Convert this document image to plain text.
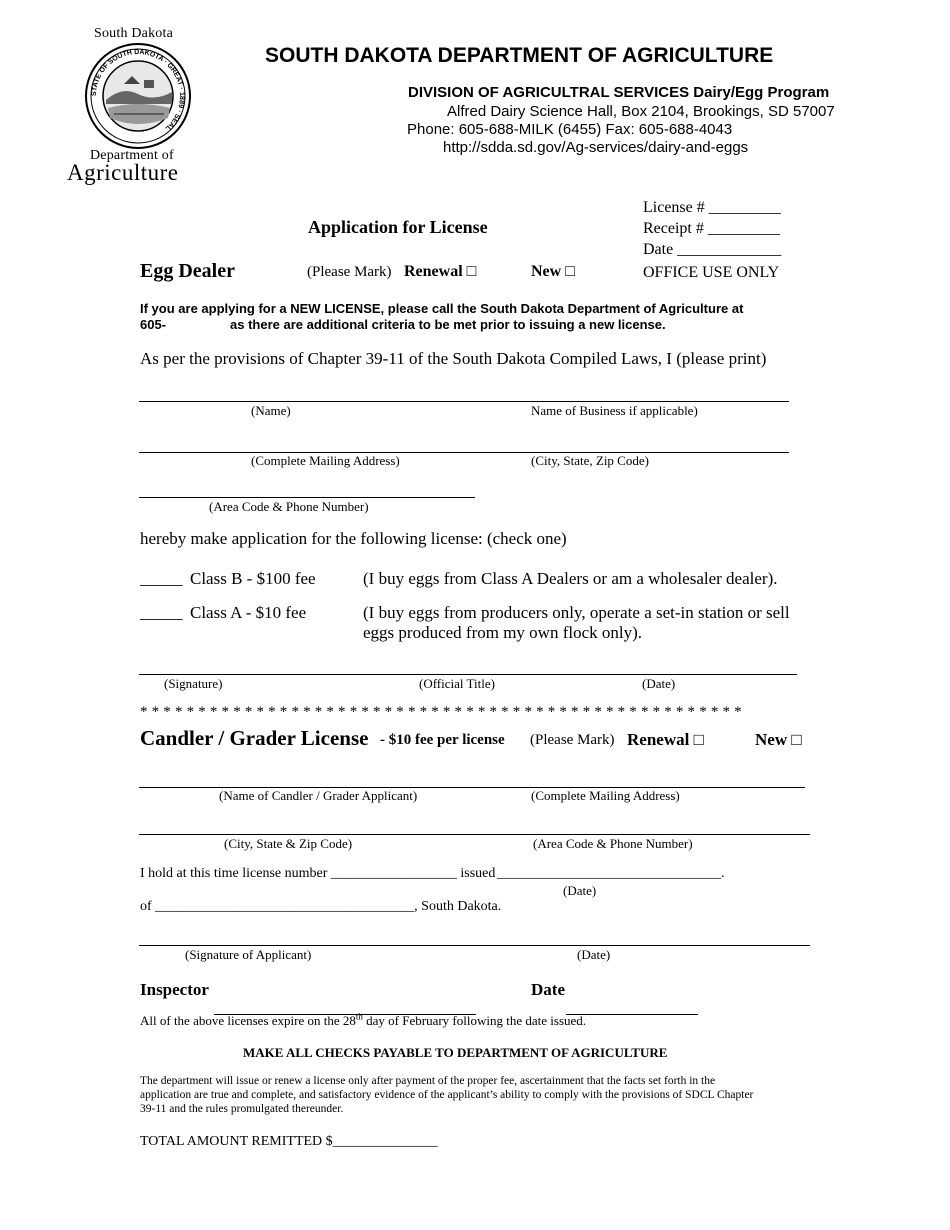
South Dakota
STATE OF SOUTH DAKOTA · GREAT · 1889 · SEAL
Department of
Agriculture
SOUTH DAKOTA DEPARTMENT OF AGRICULTURE
DIVISION OF AGRICULTRAL SERVICES Dairy/Egg Program
Alfred Dairy Science Hall, Box 2104, Brookings, SD 57007
Phone: 605-688-MILK (6455) Fax: 605-688-4043
http://sdda.sd.gov/Ag-services/dairy-and-eggs
License # _________
Receipt # _________
Date _____________
OFFICE USE ONLY
Application for License
Egg Dealer	(Please Mark) Renewal □	New □
If you are applying for a NEW LICENSE, please call the South Dakota Department of Agriculture at
605-	as there are additional criteria to be met prior to issuing a new license.
As per the provisions of Chapter 39-11 of the South Dakota Compiled Laws, I (please print)
(Name)	Name of Business if applicable)
(Complete Mailing Address)	(City, State, Zip Code)
(Area Code & Phone Number)
hereby make application for the following license: (check one)
_____ Class B - $100 fee	(I buy eggs from Class A Dealers or am a wholesaler dealer).
_____ Class A - $10 fee	(I buy eggs from producers only, operate a set-in station or sell
eggs produced from my own flock only).
(Signature)	(Official Title)	(Date)
* * * * * * * * * * * * * * * * * * * * * * * * * * * * * * * * * * * * * * * * * * * * * * * * * * * *
Candler / Grader License - $10 fee per license (Please Mark) Renewal □	New □
(Name of Candler / Grader Applicant)	(Complete Mailing Address)
(City, State & Zip Code)	(Area Code & Phone Number)
I hold at this time license number __________________ issued ________________________________.
(Date)
of _____________________________________, South Dakota.
(Signature of Applicant)	(Date)
Inspector	Date
All of the above licenses expire on the 28th day of February following the date issued.
MAKE ALL CHECKS PAYABLE TO DEPARTMENT OF AGRICULTURE
The department will issue or renew a license only after payment of the proper fee, ascertainment that the facts set forth in the
application are true and complete, and satisfactory evidence of the applicant’s ability to comply with the provisions of SDCL Chapter
39-11 and the rules promulgated thereunder.
TOTAL AMOUNT REMITTED $_______________
